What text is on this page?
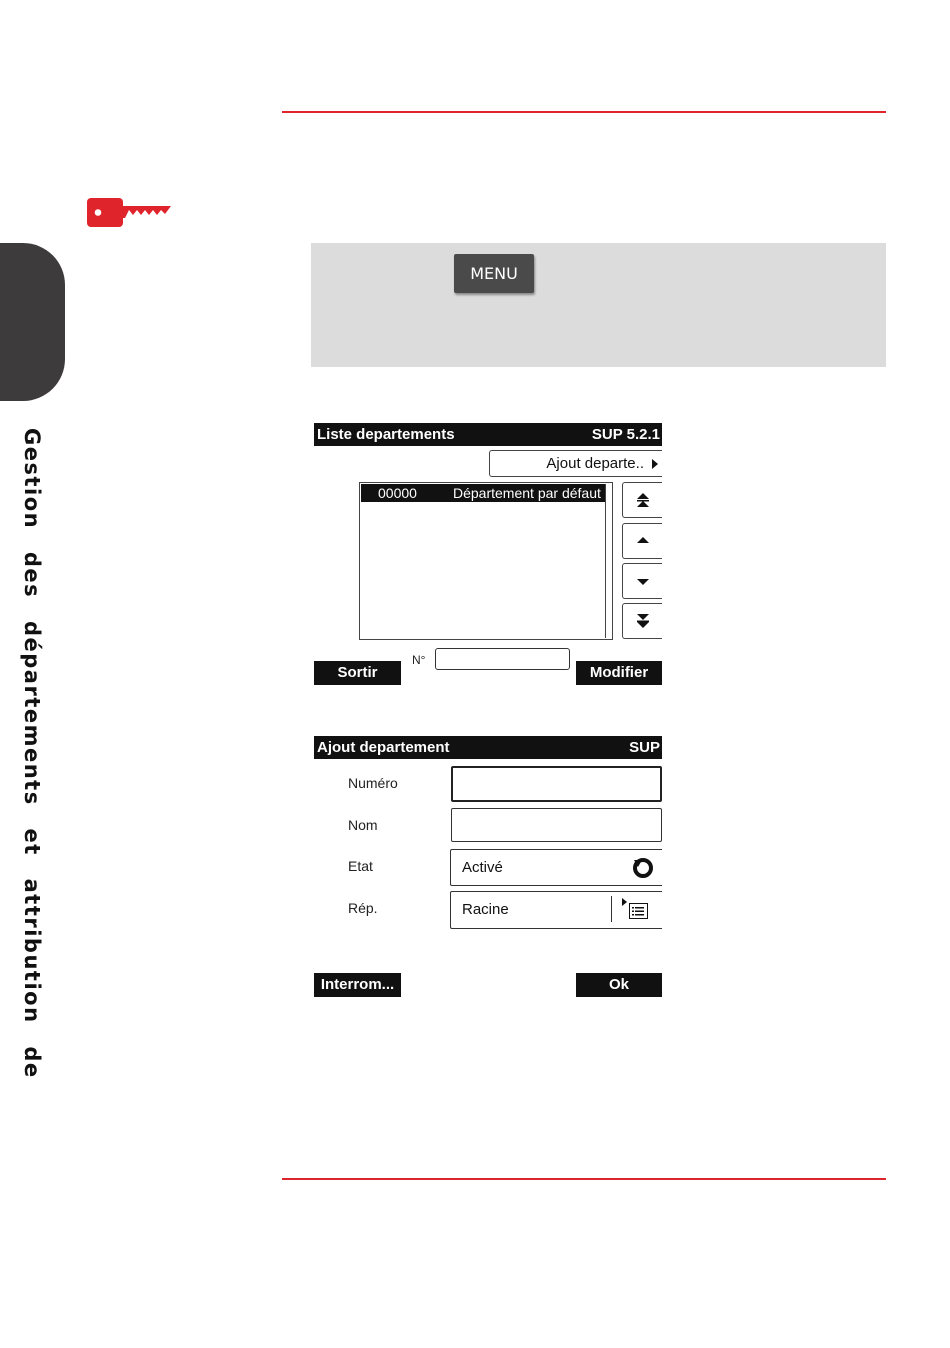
Gestion des départements et attribution de
MENU
Liste departements	SUP 5.2.1
Ajout departe..
00000	Département par défaut
Sortir
N°
Modifier
Ajout departement	SUP
Numéro
Nom
Etat	Activé
Rép.	Racine
Interrom...	Ok
